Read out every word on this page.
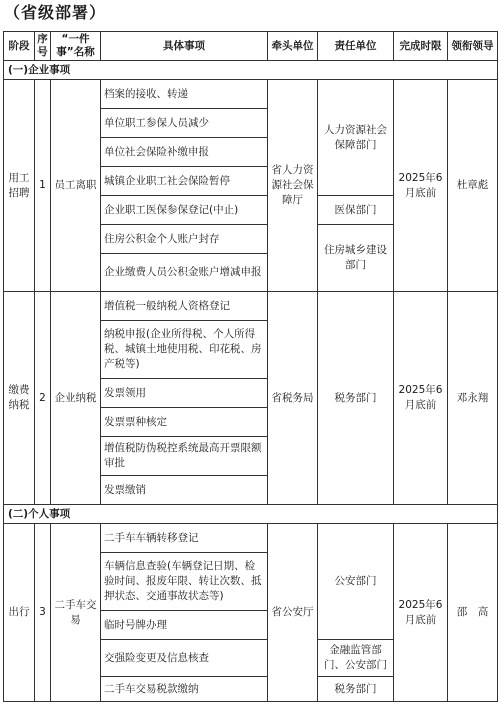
（省级部署）
阶段	序号	“一件事”名称	具体事项	牵头单位	责任单位	完成时限	领衔领导
(一)企业事项							
用工招聘	1	员工离职	档案的接收、转递	省人力资源社会保障厅	人力资源社会保障部门	2025年6月底前	杜章彪
			单位职工参保人员减少				
			单位社会保险补缴申报				
			城镇企业职工社会保险暂停				
			企业职工医保参保登记(中止)		医保部门		
			住房公积金个人账户封存		住房城乡建设部门		
			企业缴费人员公积金账户增减申报				
缴费纳税	2	企业纳税	增值税一般纳税人资格登记	省税务局	税务部门	2025年6月底前	邓永翔
			纳税申报(企业所得税、个人所得税、城镇土地使用税、印花税、房产税等)				
			发票领用				
			发票票种核定				
			增值税防伪税控系统最高开票限额审批				
			发票缴销				
(二)个人事项							
出行	3	二手车交易	二手车车辆转移登记	省公安厅	公安部门	2025年6月底前	邵　高
			车辆信息查验(车辆登记日期、检验时间、报废年限、转让次数、抵押状态、交通事故状态等)				
			临时号牌办理				
			交强险变更及信息核查		金融监管部门、公安部门		
			二手车交易税款缴纳		税务部门		
